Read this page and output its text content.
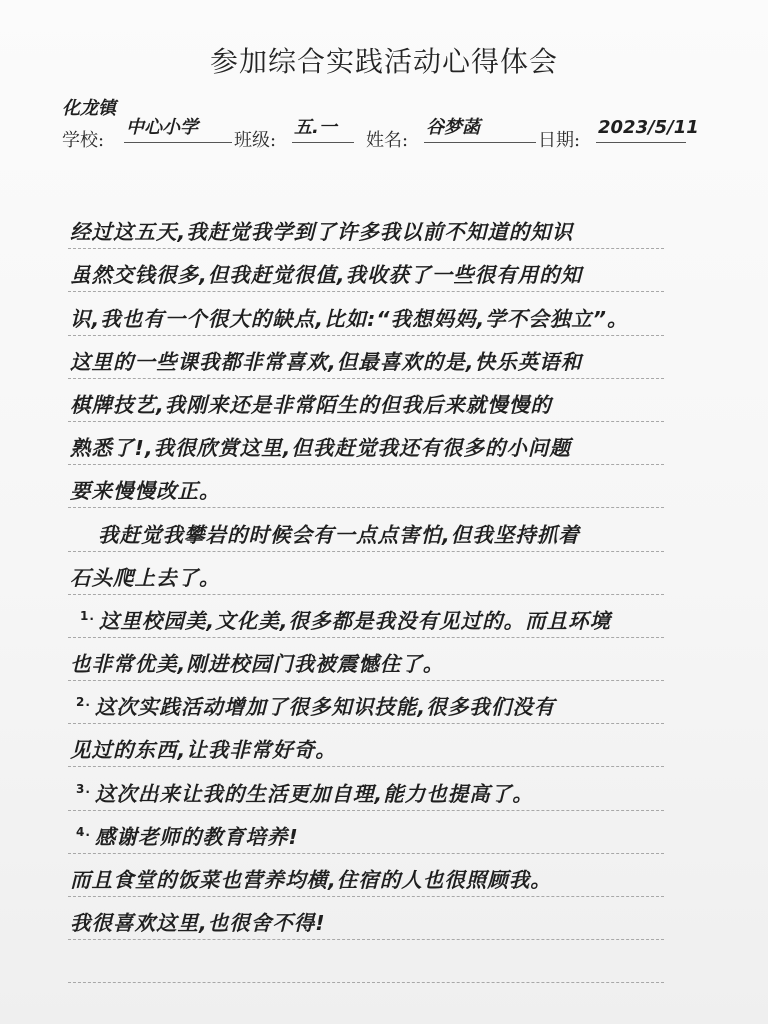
参加综合实践活动心得体会
化龙镇
学校:
中心小学
班级:
五.一
姓名:
谷梦菡
日期:
2023/5/11
经过这五天,我赶觉我学到了许多我以前不知道的知识
虽然交钱很多,但我赶觉很值,我收获了一些很有用的知
识,我也有一个很大的缺点,比如:“我想妈妈,学不会独立”。
这里的一些课我都非常喜欢,但最喜欢的是,快乐英语和
棋牌技艺,我刚来还是非常陌生的但我后来就慢慢的
熟悉了!,我很欣赏这里,但我赶觉我还有很多的小问题
要来慢慢改正。
我赶觉我攀岩的时候会有一点点害怕,但我坚持抓着
石头爬上去了。
$^{1.}$ 这里校园美,文化美,很多都是我没有见过的。而且环境
也非常优美,刚进校园门我被震憾住了。
$^{2.}$ 这次实践活动增加了很多知识技能,很多我们没有
见过的东西,让我非常好奇。
$^{3.}$ 这次出来让我的生活更加自理,能力也提高了。
$^{4.}$ 感谢老师的教育培养!
而且食堂的饭菜也营养均横,住宿的人也很照顾我。
我很喜欢这里,也很舍不得!
